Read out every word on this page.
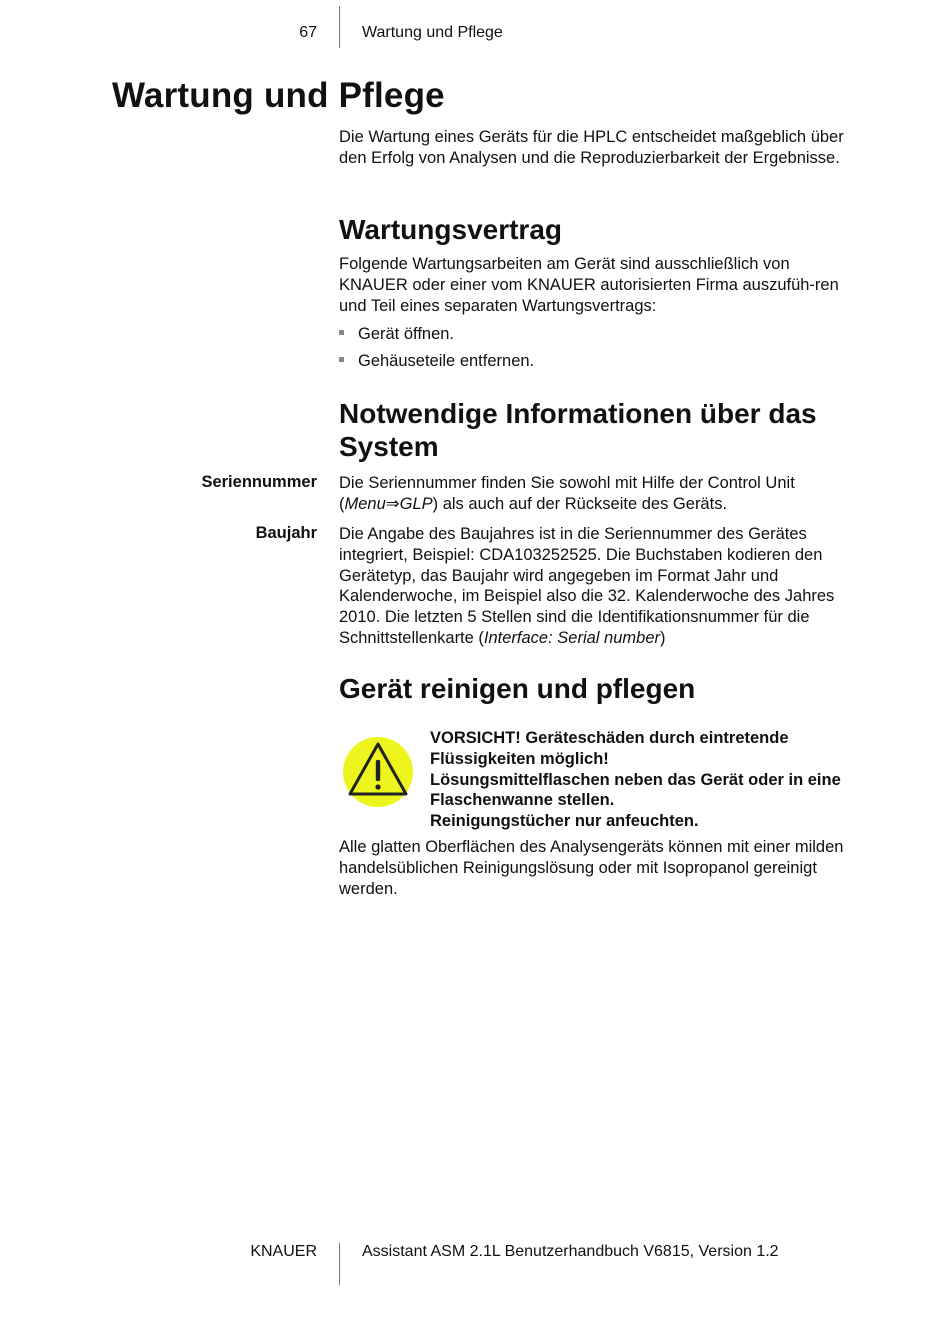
67	Wartung und Pflege
Wartung und Pflege
Die Wartung eines Geräts für die HPLC entscheidet maßgeblich über den Erfolg von Analysen und die Reproduzierbarkeit der Ergebnisse.
Wartungsvertrag
Folgende Wartungsarbeiten am Gerät sind ausschließlich von KNAUER oder einer vom KNAUER autorisierten Firma auszufüh-ren und Teil eines separaten Wartungsvertrags:
Gerät öffnen.
Gehäuseteile entfernen.
Notwendige Informationen über das System
Seriennummer Die Seriennummer finden Sie sowohl mit Hilfe der Control Unit (Menu⇒GLP) als auch auf der Rückseite des Geräts.
Baujahr Die Angabe des Baujahres ist in die Seriennummer des Gerätes integriert, Beispiel: CDA103252525. Die Buchstaben kodieren den Gerätetyp, das Baujahr wird angegeben im Format Jahr und Kalenderwoche, im Beispiel also die 32. Kalenderwoche des Jahres 2010. Die letzten 5 Stellen sind die Identifikationsnummer für die Schnittstellenkarte (Interface: Serial number)
Gerät reinigen und pflegen
VORSICHT! Geräteschäden durch eintretende Flüssigkeiten möglich!
Lösungsmittelflaschen neben das Gerät oder in eine Flaschenwanne stellen.
Reinigungstücher nur anfeuchten.
Alle glatten Oberflächen des Analysengeräts können mit einer milden handelsüblichen Reinigungslösung oder mit Isopropanol gereinigt werden.
KNAUER	Assistant ASM 2.1L Benutzerhandbuch V6815, Version 1.2
